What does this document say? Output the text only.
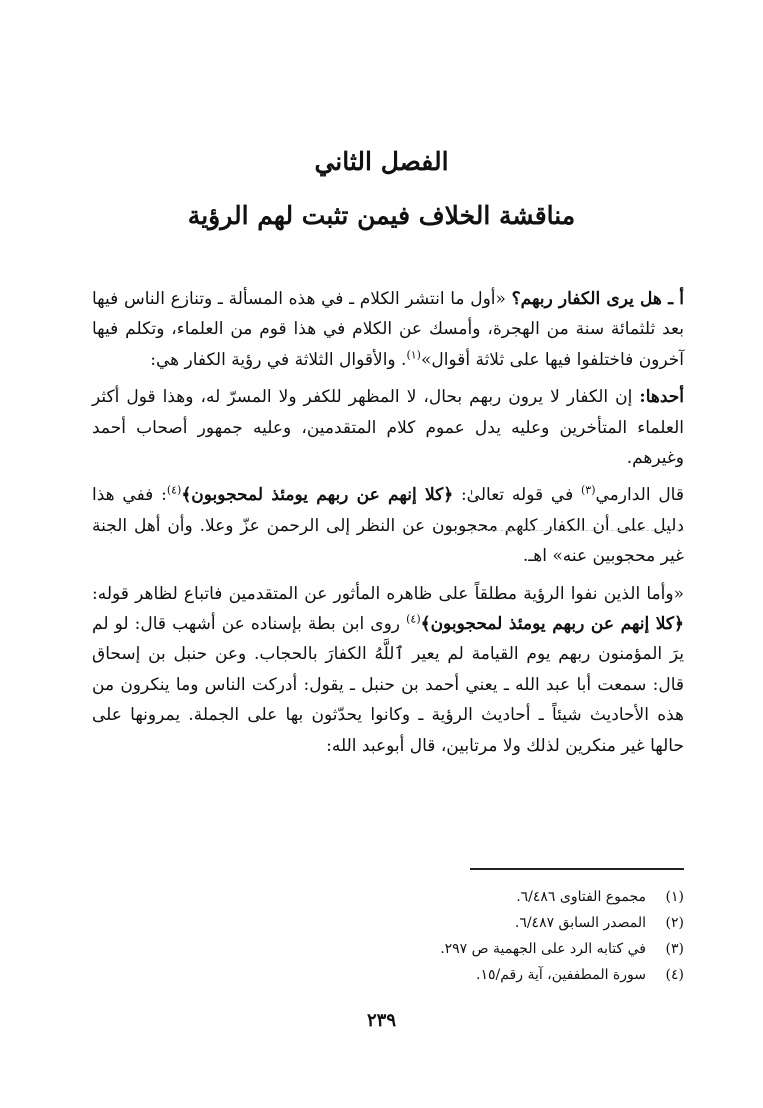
الفصل الثاني
مناقشة الخلاف فيمن تثبت لهم الرؤية

أ ـ هل يرى الكفار ربهم؟ «أول ما انتشر الكلام ـ في هذه المسألة ـ وتنازع الناس فيها بعد ثلثمائة سنة من الهجرة، وأمسك عن الكلام في هذا قوم من العلماء، وتكلم فيها آخرون فاختلفوا فيها على ثلاثة أقوال»$^{(١)}$. والأقوال الثلاثة في رؤية الكفار هي:

أحدها: إن الكفار لا يرون ربهم بحال، لا المظهر للكفر ولا المسرّ له، وهذا قول أكثر العلماء المتأخرين وعليه يدل عموم كلام المتقدمين، وعليه جمهور أصحاب أحمد وغيرهم.

قال الدارمي$^{(٣)}$ في قوله تعالىٰ: ﴿كلا إنهم عن ربهم يومئذ لمحجوبون﴾$^{(٤)}$: ففي هذا دليل على أن الكفار كلهم محجوبون عن النظر إلى الرحمن عزّ وعلا. وأن أهل الجنة غير محجوبين عنه» اهـ.

«وأما الذين نفوا الرؤية مطلقاً على ظاهره المأثور عن المتقدمين فاتباع لظاهر قوله: ﴿كلا إنهم عن ربهم يومئذ لمحجوبون﴾$^{(٤)}$ روى ابن بطة بإسناده عن أشهب قال: لو لم يرَ المؤمنون ربهم يوم القيامة لم يعير ٱللَّهُ الكفارَ بالحجاب. وعن حنبل بن إسحاق قال: سمعت أبا عبد الله ـ يعني أحمد بن حنبل ـ يقول: أدركت الناس وما ينكرون من هذه الأحاديث شيئاً ـ أحاديث الرؤية ـ وكانوا يحدّثون بها على الجملة. يمرونها على حالها غير منكرين لذلك ولا مرتابين، قال أبوعبد الله:

(١)
مجموع الفتاوى ٦/٤٨٦.
(٢)
المصدر السابق ٦/٤٨٧.
(٣)
في كتابه الرد على الجهمية ص ٢٩٧.
(٤)
سورة المطففين، آية رقم/١٥.
٢٣٩
